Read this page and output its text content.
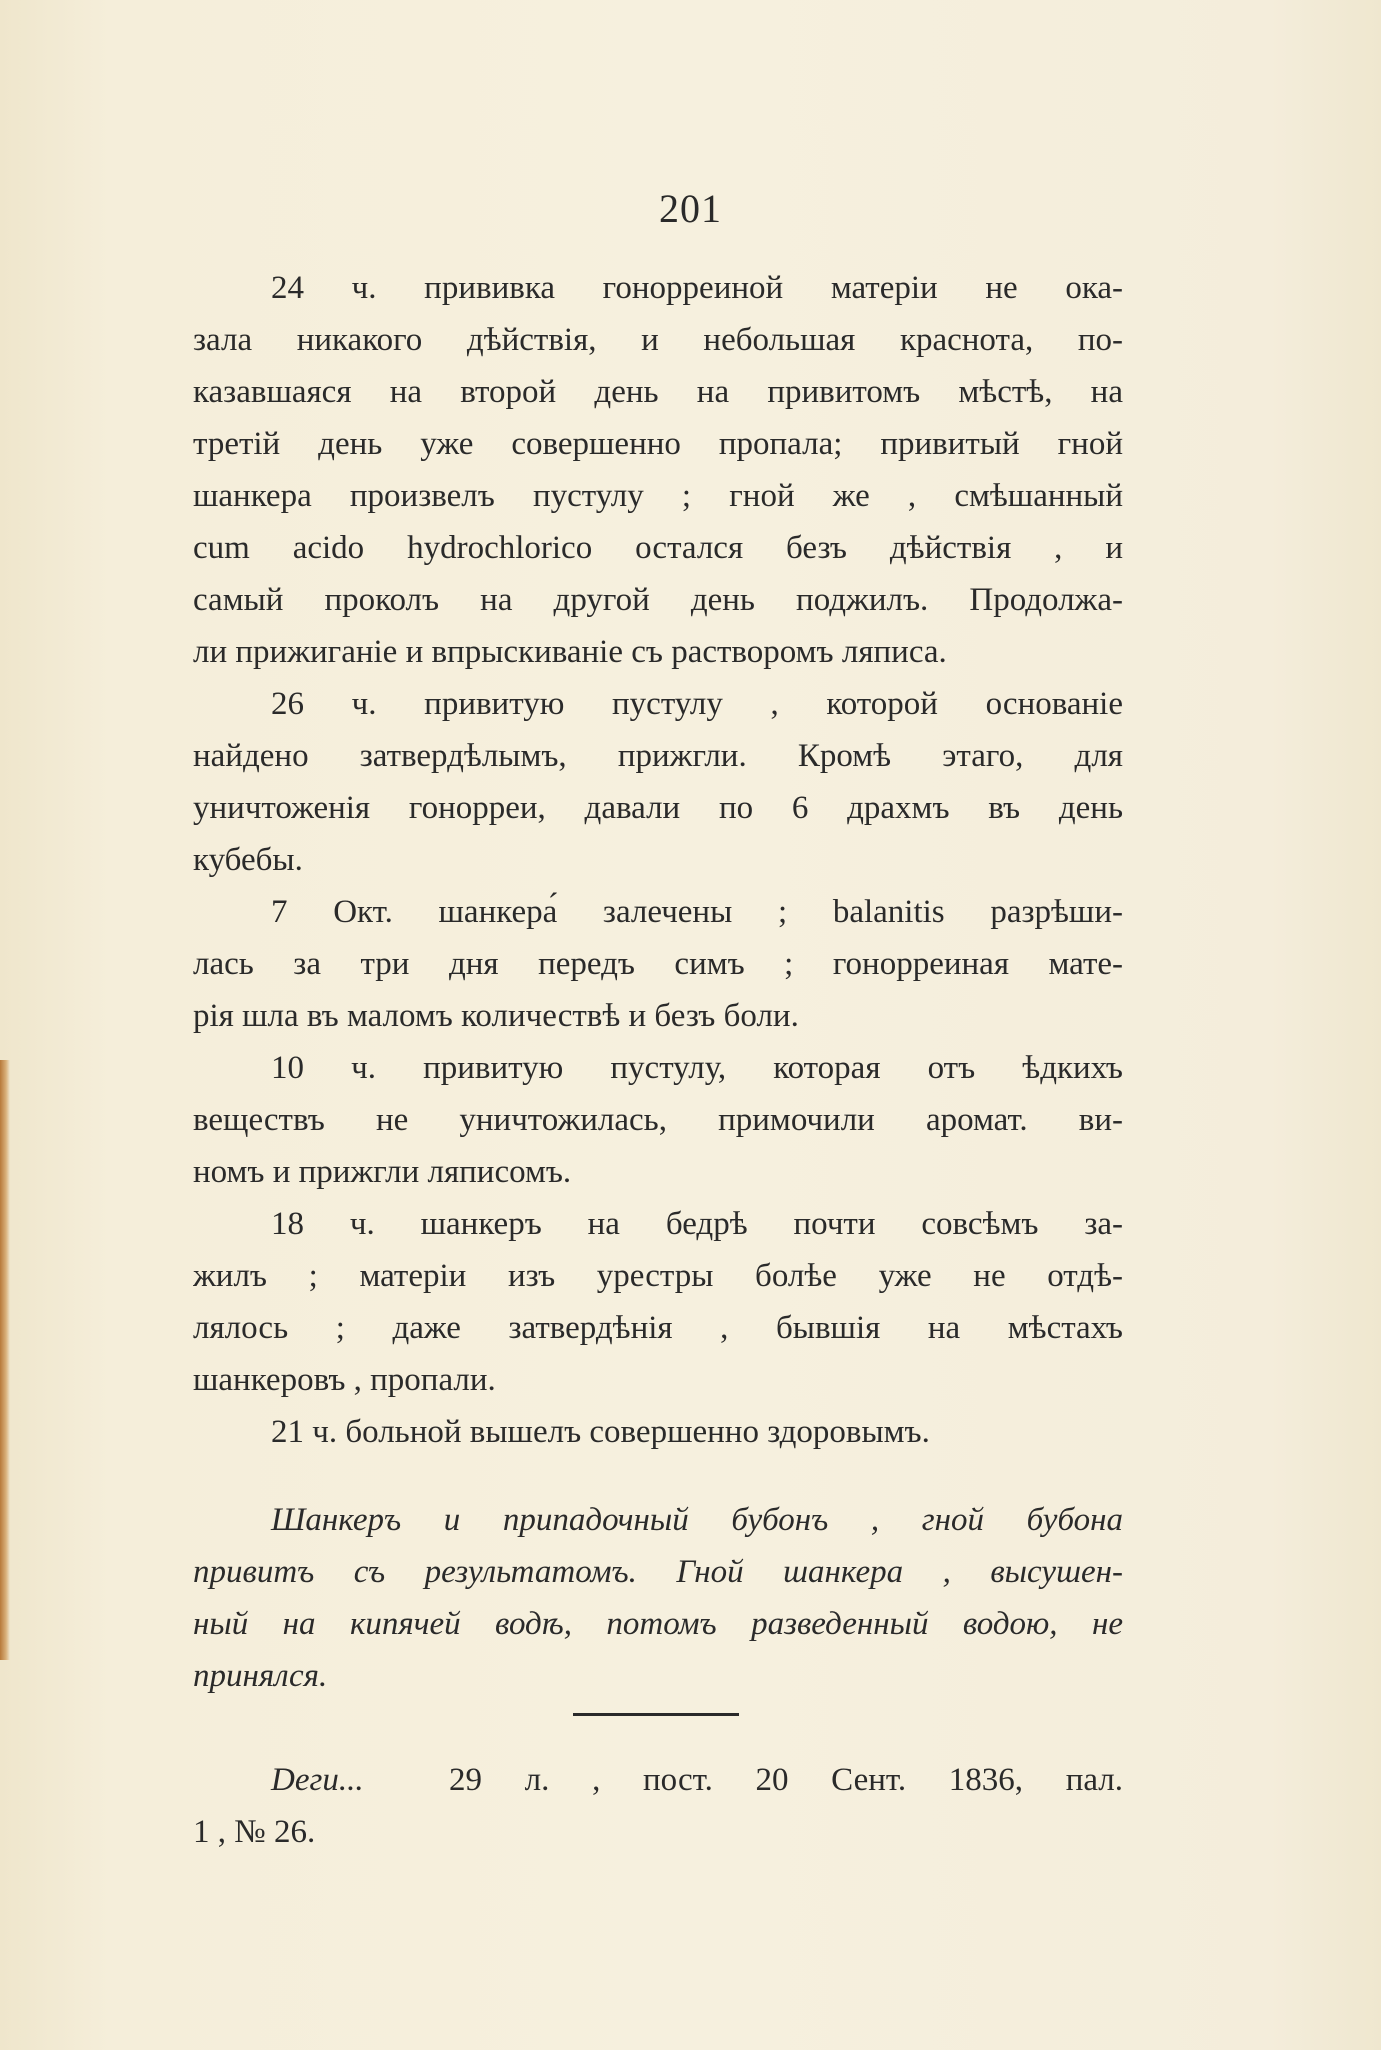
201
24 ч. прививка гонорреиной матеріи не ока-
зала никакого дѣйствія, и небольшая краснота, по-
казавшаяся на второй день на привитомъ мѣстѣ, на
третій день уже совершенно пропала; привитый гной
шанкера произвелъ пустулу ; гной же , смѣшанный
cum acido hydrochlorico остался безъ дѣйствія , и
самый проколъ на другой день поджилъ. Продолжа-
ли прижиганіе и впрыскиваніе съ растворомъ ляписа.
26 ч. привитую пустулу , которой основаніе
найдено затвердѣлымъ, прижгли. Кромѣ этаго, для
уничтоженія гонорреи, давали по 6 драхмъ въ день
кубебы.
7 Окт. шанкера́ залечены ; balanitis разрѣши-
лась за три дня передъ симъ ; гонорреиная мате-
рія шла въ маломъ количествѣ и безъ боли.
10 ч. привитую пустулу, которая отъ ѣдкихъ
веществъ не уничтожилась, примочили аромат. ви-
номъ и прижгли ляписомъ.
18 ч. шанкеръ на бедрѣ почти совсѣмъ за-
жилъ ; матеріи изъ урестры болѣе уже не отдѣ-
лялось ; даже затвердѣнія , бывшія на мѣстахъ
шанкеровъ , пропали.
21 ч. больной вышелъ совершенно здоровымъ.
Шанкеръ и припадочный бубонъ , гной бубона
привитъ съ результатомъ. Гной шанкера , высушен-
ный на кипячей водѣ, потомъ разведенный водою, не
принялся.
Deги...	29 л. , пост. 20 Сент. 1836, пал.
1 , № 26.
